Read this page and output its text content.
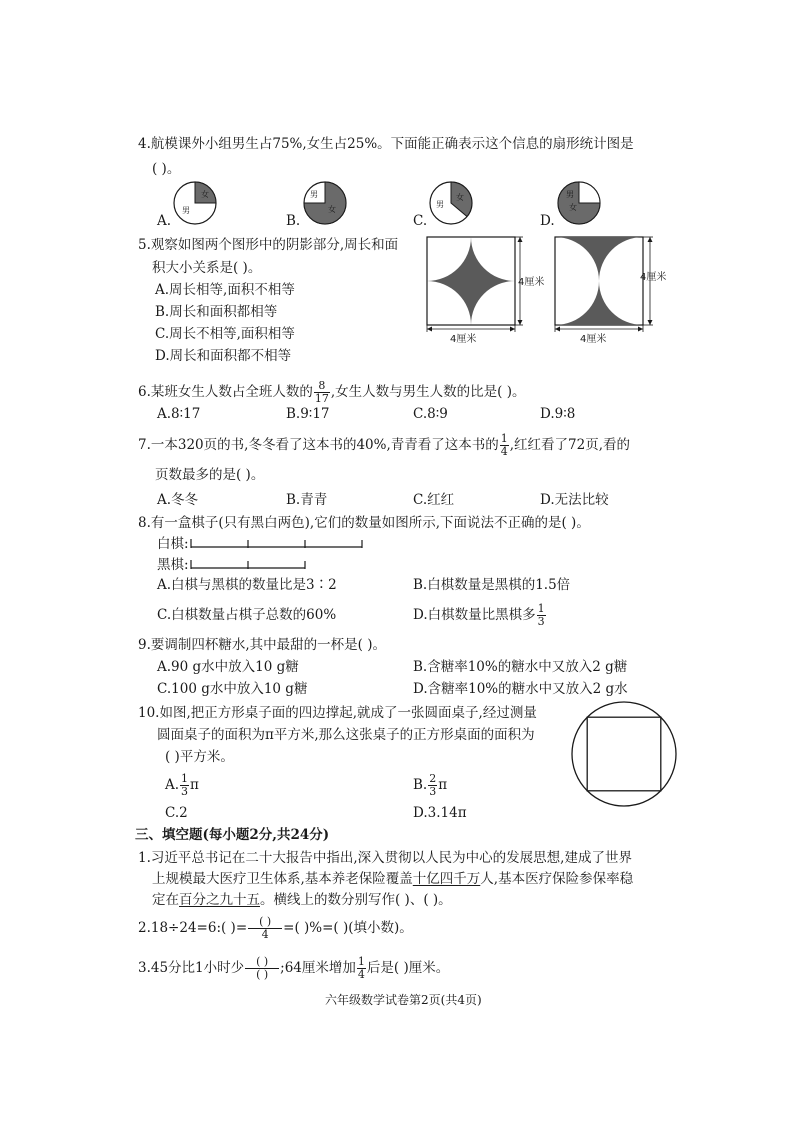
4.航模课外小组男生占75%,女生占25%。下面能正确表示这个信息的扇形统计图是
( )。
A.
女
男
B.
男
女
C.
男
女
D.
男
女
5.观察如图两个图形中的阴影部分,周长和面
积大小关系是( )。
A.周长相等,面积不相等
B.周长和面积都相等
C.周长不相等,面积相等
D.周长和面积都不相等
4厘米
4厘米
4厘米
4厘米
6.某班女生人数占全班人数的 $\frac{8}{17}$ ,女生人数与男生人数的比是( )。
A.8∶17	B.9∶17	C.8∶9	D.9∶8
7.一本320页的书,冬冬看了这本书的40%,青青看了这本书的 $\frac{1}{4}$ ,红红看了72页,看的
页数最多的是( )。
A.冬冬	B.青青	C.红红	D.无法比较
8.有一盒棋子(只有黑白两色),它们的数量如图所示,下面说法不正确的是( )。
白棋:
黑棋:
A.白棋与黑棋的数量比是3∶2	B.白棋数量是黑棋的1.5倍
C.白棋数量占棋子总数的60%	D.白棋数量比黑棋多 $\frac{1}{3}$
9.要调制四杯糖水,其中最甜的一杯是( )。
A.90 g水中放入10 g糖	B.含糖率10%的糖水中又放入2 g糖
C.100 g水中放入10 g糖	D.含糖率10%的糖水中又放入2 g水
10.如图,把正方形桌子面的四边撑起,就成了一张圆面桌子,经过测量
圆面桌子的面积为π平方米,那么这张桌子的正方形桌面的面积为
( )平方米。
A. $\frac{1}{3}$ π	B. $\frac{2}{3}$ π
C.2	D.3.14π
三、填空题(每小题2分,共24分)
1.习近平总书记在二十大报告中指出,深入贯彻以人民为中心的发展思想,建成了世界
上规模最大医疗卫生体系,基本养老保险覆盖十亿四千万人,基本医疗保险参保率稳
定在百分之九十五。横线上的数分别写作( )、( )。
2.18÷24=6:( )= $\frac{( )}{4}$ =( )%=( )(填小数)。
3.45分比1小时少 $\frac{( )}{( )}$ ;64厘米增加 $\frac{1}{4}$ 后是( )厘米。
六年级数学试卷第2页(共4页)
